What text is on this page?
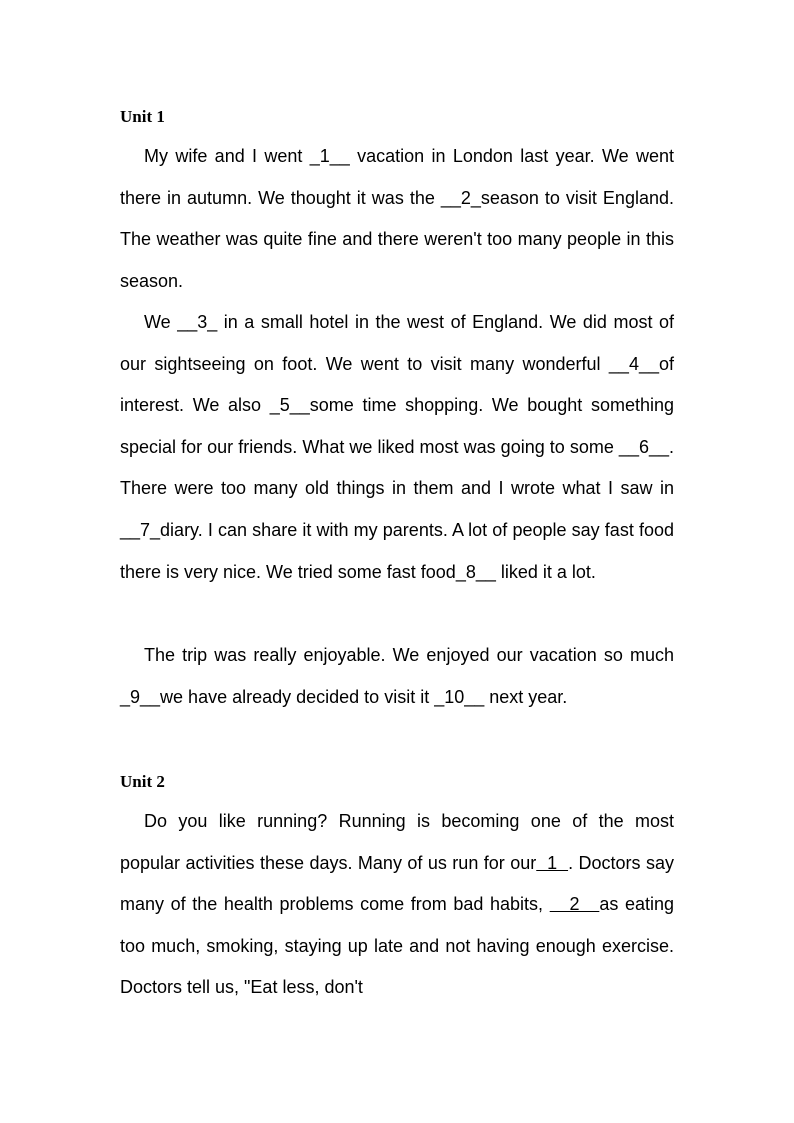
Unit 1

My wife and I went _1__ vacation in London last year. We went there in autumn. We thought it was the __2_season to visit England. The weather was quite fine and there weren't too many people in this season.

We __3_ in a small hotel in the west of England. We did most of our sightseeing on foot. We went to visit many wonderful __4__of interest. We also _5__some time shopping. We bought something special for our friends. What we liked most was going to some __6__. There were too many old things in them and I wrote what I saw in __7_diary. I can share it with my parents. A lot of people say fast food there is very nice. We tried some fast food_8__ liked it a lot.

The trip was really enjoyable. We enjoyed our vacation so much _9__we have already decided to visit it _10__ next year.

Unit 2

Do you like running? Running is becoming one of the most popular activities these days. Many of us run for our  1  . Doctors say many of the health problems come from bad habits,    2   as eating too much, smoking, staying up late and not having enough exercise. Doctors tell us, "Eat less, don't
